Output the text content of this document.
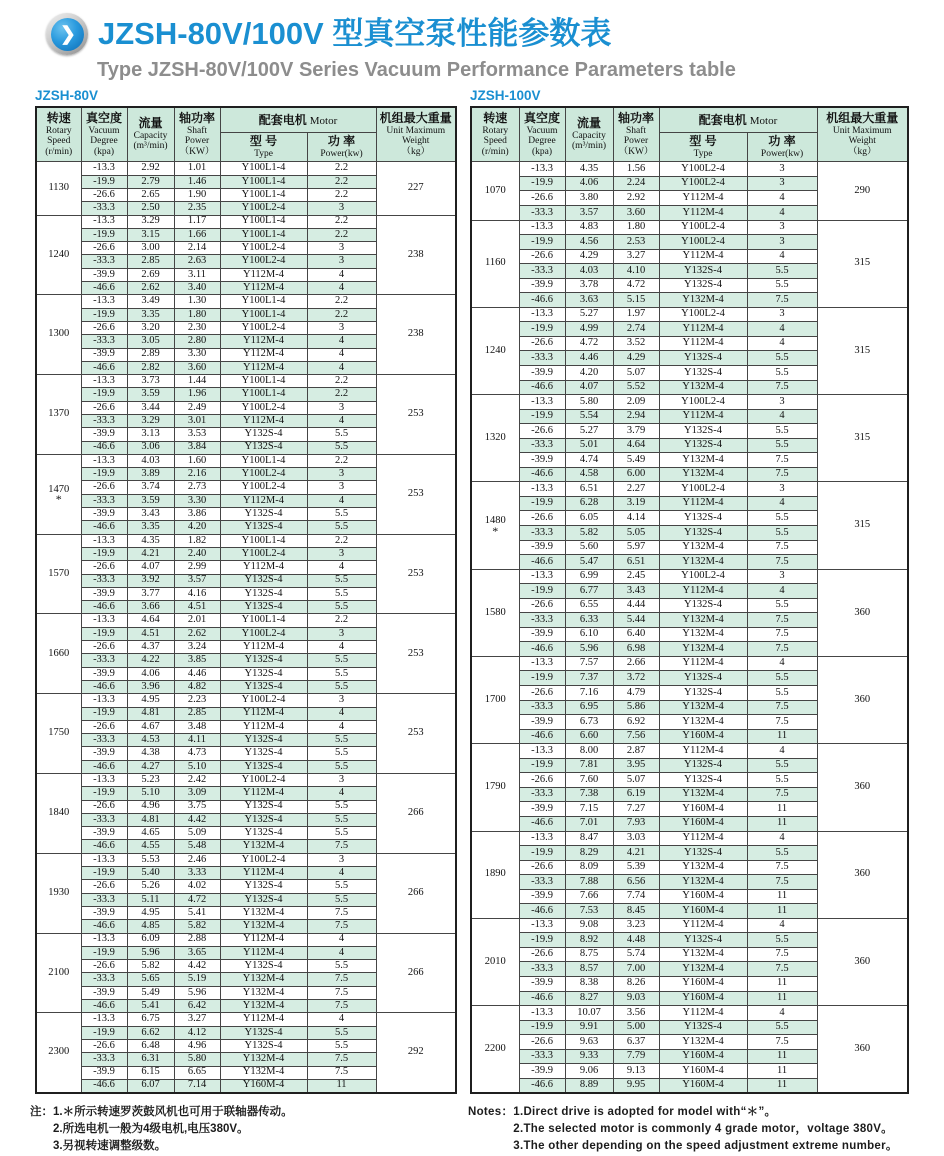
❯ JZSH-80V/100V 型真空泵性能参数表
Type JZSH-80V/100V Series Vacuum Performance Parameters table
JZSH-80V
转速
Rotary
Speed
(r/min)

真空度
Vacuum
Degree
(kpa)

流量
Capacity
(m³/min)

轴功率
Shaft
Power
（KW）
	配套电机 Motor	机组最大重量
Unit Maximum
Weight
（kg）

型 号
Type

功 率
Power(kw)

1130	-13.3	2.92	1.01	Y100L1-4	2.2	227
	-19.9	2.79	1.46	Y100L1-4	2.2	
	-26.6	2.65	1.90	Y100L1-4	2.2	
	-33.3	2.50	2.35	Y100L2-4	3	

1240	-13.3	3.29	1.17	Y100L1-4	2.2	238
	-19.9	3.15	1.66	Y100L1-4	2.2	
	-26.6	3.00	2.14	Y100L2-4	3	
	-33.3	2.85	2.63	Y100L2-4	3	
	-39.9	2.69	3.11	Y112M-4	4	
	-46.6	2.62	3.40	Y112M-4	4	

1300	-13.3	3.49	1.30	Y100L1-4	2.2	238
	-19.9	3.35	1.80	Y100L1-4	2.2	
	-26.6	3.20	2.30	Y100L2-4	3	
	-33.3	3.05	2.80	Y112M-4	4	
	-39.9	2.89	3.30	Y112M-4	4	
	-46.6	2.82	3.60	Y112M-4	4	

1370	-13.3	3.73	1.44	Y100L1-4	2.2	253
	-19.9	3.59	1.96	Y100L1-4	2.2	
	-26.6	3.44	2.49	Y100L2-4	3	
	-33.3	3.29	3.01	Y112M-4	4	
	-39.9	3.13	3.53	Y132S-4	5.5	
	-46.6	3.06	3.84	Y132S-4	5.5	

1470
*	-13.3	4.03	1.60	Y100L1-4	2.2	253
	-19.9	3.89	2.16	Y100L2-4	3	
	-26.6	3.74	2.73	Y100L2-4	3	
	-33.3	3.59	3.30	Y112M-4	4	
	-39.9	3.43	3.86	Y132S-4	5.5	
	-46.6	3.35	4.20	Y132S-4	5.5	

1570	-13.3	4.35	1.82	Y100L1-4	2.2	253
	-19.9	4.21	2.40	Y100L2-4	3	
	-26.6	4.07	2.99	Y112M-4	4	
	-33.3	3.92	3.57	Y132S-4	5.5	
	-39.9	3.77	4.16	Y132S-4	5.5	
	-46.6	3.66	4.51	Y132S-4	5.5	

1660	-13.3	4.64	2.01	Y100L1-4	2.2	253
	-19.9	4.51	2.62	Y100L2-4	3	
	-26.6	4.37	3.24	Y112M-4	4	
	-33.3	4.22	3.85	Y132S-4	5.5	
	-39.9	4.06	4.46	Y132S-4	5.5	
	-46.6	3.96	4.82	Y132S-4	5.5	

1750	-13.3	4.95	2.23	Y100L2-4	3	253
	-19.9	4.81	2.85	Y112M-4	4	
	-26.6	4.67	3.48	Y112M-4	4	
	-33.3	4.53	4.11	Y132S-4	5.5	
	-39.9	4.38	4.73	Y132S-4	5.5	
	-46.6	4.27	5.10	Y132S-4	5.5	

1840	-13.3	5.23	2.42	Y100L2-4	3	266
	-19.9	5.10	3.09	Y112M-4	4	
	-26.6	4.96	3.75	Y132S-4	5.5	
	-33.3	4.81	4.42	Y132S-4	5.5	
	-39.9	4.65	5.09	Y132S-4	5.5	
	-46.6	4.55	5.48	Y132M-4	7.5	

1930	-13.3	5.53	2.46	Y100L2-4	3	266
	-19.9	5.40	3.33	Y112M-4	4	
	-26.6	5.26	4.02	Y132S-4	5.5	
	-33.3	5.11	4.72	Y132S-4	5.5	
	-39.9	4.95	5.41	Y132M-4	7.5	
	-46.6	4.85	5.82	Y132M-4	7.5	

2100	-13.3	6.09	2.88	Y112M-4	4	266
	-19.9	5.96	3.65	Y112M-4	4	
	-26.6	5.82	4.42	Y132S-4	5.5	
	-33.3	5.65	5.19	Y132M-4	7.5	
	-39.9	5.49	5.96	Y132M-4	7.5	
	-46.6	5.41	6.42	Y132M-4	7.5	

2300	-13.3	6.75	3.27	Y112M-4	4	292
	-19.9	6.62	4.12	Y132S-4	5.5	
	-26.6	6.48	4.96	Y132S-4	5.5	
	-33.3	6.31	5.80	Y132M-4	7.5	
	-39.9	6.15	6.65	Y132M-4	7.5	
	-46.6	6.07	7.14	Y160M-4	11	
JZSH-100V
转速
Rotary
Speed
(r/min)

真空度
Vacuum
Degree
(kpa)

流量
Capacity
(m³/min)

轴功率
Shaft
Power
（KW）
	配套电机 Motor	机组最大重量
Unit Maximum
Weight
（kg）

型 号
Type

功 率
Power(kw)

1070	-13.3	4.35	1.56	Y100L2-4	3	290
	-19.9	4.06	2.24	Y100L2-4	3	
	-26.6	3.80	2.92	Y112M-4	4	
	-33.3	3.57	3.60	Y112M-4	4	

1160	-13.3	4.83	1.80	Y100L2-4	3	315
	-19.9	4.56	2.53	Y100L2-4	3	
	-26.6	4.29	3.27	Y112M-4	4	
	-33.3	4.03	4.10	Y132S-4	5.5	
	-39.9	3.78	4.72	Y132S-4	5.5	
	-46.6	3.63	5.15	Y132M-4	7.5	

1240	-13.3	5.27	1.97	Y100L2-4	3	315
	-19.9	4.99	2.74	Y112M-4	4	
	-26.6	4.72	3.52	Y112M-4	4	
	-33.3	4.46	4.29	Y132S-4	5.5	
	-39.9	4.20	5.07	Y132S-4	5.5	
	-46.6	4.07	5.52	Y132M-4	7.5	

1320	-13.3	5.80	2.09	Y100L2-4	3	315
	-19.9	5.54	2.94	Y112M-4	4	
	-26.6	5.27	3.79	Y132S-4	5.5	
	-33.3	5.01	4.64	Y132S-4	5.5	
	-39.9	4.74	5.49	Y132M-4	7.5	
	-46.6	4.58	6.00	Y132M-4	7.5	

1480
*	-13.3	6.51	2.27	Y100L2-4	3	315
	-19.9	6.28	3.19	Y112M-4	4	
	-26.6	6.05	4.14	Y132S-4	5.5	
	-33.3	5.82	5.05	Y132S-4	5.5	
	-39.9	5.60	5.97	Y132M-4	7.5	
	-46.6	5.47	6.51	Y132M-4	7.5	

1580	-13.3	6.99	2.45	Y100L2-4	3	360
	-19.9	6.77	3.43	Y112M-4	4	
	-26.6	6.55	4.44	Y132S-4	5.5	
	-33.3	6.33	5.44	Y132M-4	7.5	
	-39.9	6.10	6.40	Y132M-4	7.5	
	-46.6	5.96	6.98	Y132M-4	7.5	

1700	-13.3	7.57	2.66	Y112M-4	4	360
	-19.9	7.37	3.72	Y132S-4	5.5	
	-26.6	7.16	4.79	Y132S-4	5.5	
	-33.3	6.95	5.86	Y132M-4	7.5	
	-39.9	6.73	6.92	Y132M-4	7.5	
	-46.6	6.60	7.56	Y160M-4	11	

1790	-13.3	8.00	2.87	Y112M-4	4	360
	-19.9	7.81	3.95	Y132S-4	5.5	
	-26.6	7.60	5.07	Y132S-4	5.5	
	-33.3	7.38	6.19	Y132M-4	7.5	
	-39.9	7.15	7.27	Y160M-4	11	
	-46.6	7.01	7.93	Y160M-4	11	

1890	-13.3	8.47	3.03	Y112M-4	4	360
	-19.9	8.29	4.21	Y132S-4	5.5	
	-26.6	8.09	5.39	Y132M-4	7.5	
	-33.3	7.88	6.56	Y132M-4	7.5	
	-39.9	7.66	7.74	Y160M-4	11	
	-46.6	7.53	8.45	Y160M-4	11	

2010	-13.3	9.08	3.23	Y112M-4	4	360
	-19.9	8.92	4.48	Y132S-4	5.5	
	-26.6	8.75	5.74	Y132M-4	7.5	
	-33.3	8.57	7.00	Y132M-4	7.5	
	-39.9	8.38	8.26	Y160M-4	11	
	-46.6	8.27	9.03	Y160M-4	11	

2200	-13.3	10.07	3.56	Y112M-4	4	360
	-19.9	9.91	5.00	Y132S-4	5.5	
	-26.6	9.63	6.37	Y132M-4	7.5	
	-33.3	9.33	7.79	Y160M-4	11	
	-39.9	9.06	9.13	Y160M-4	11	
	-46.6	8.89	9.95	Y160M-4	11	
注： 1.＊所示转速罗茨鼓风机也可用于联轴器传动。
2.所选电机一般为4级电机,电压380V。
3.另视转速调整级数。
Notes： 1.Direct drive is adopted for model with“＊”。
2.The selected motor is commonly 4 grade motor，voltage 380V。
3.The other depending on the speed adjustment extreme number。
